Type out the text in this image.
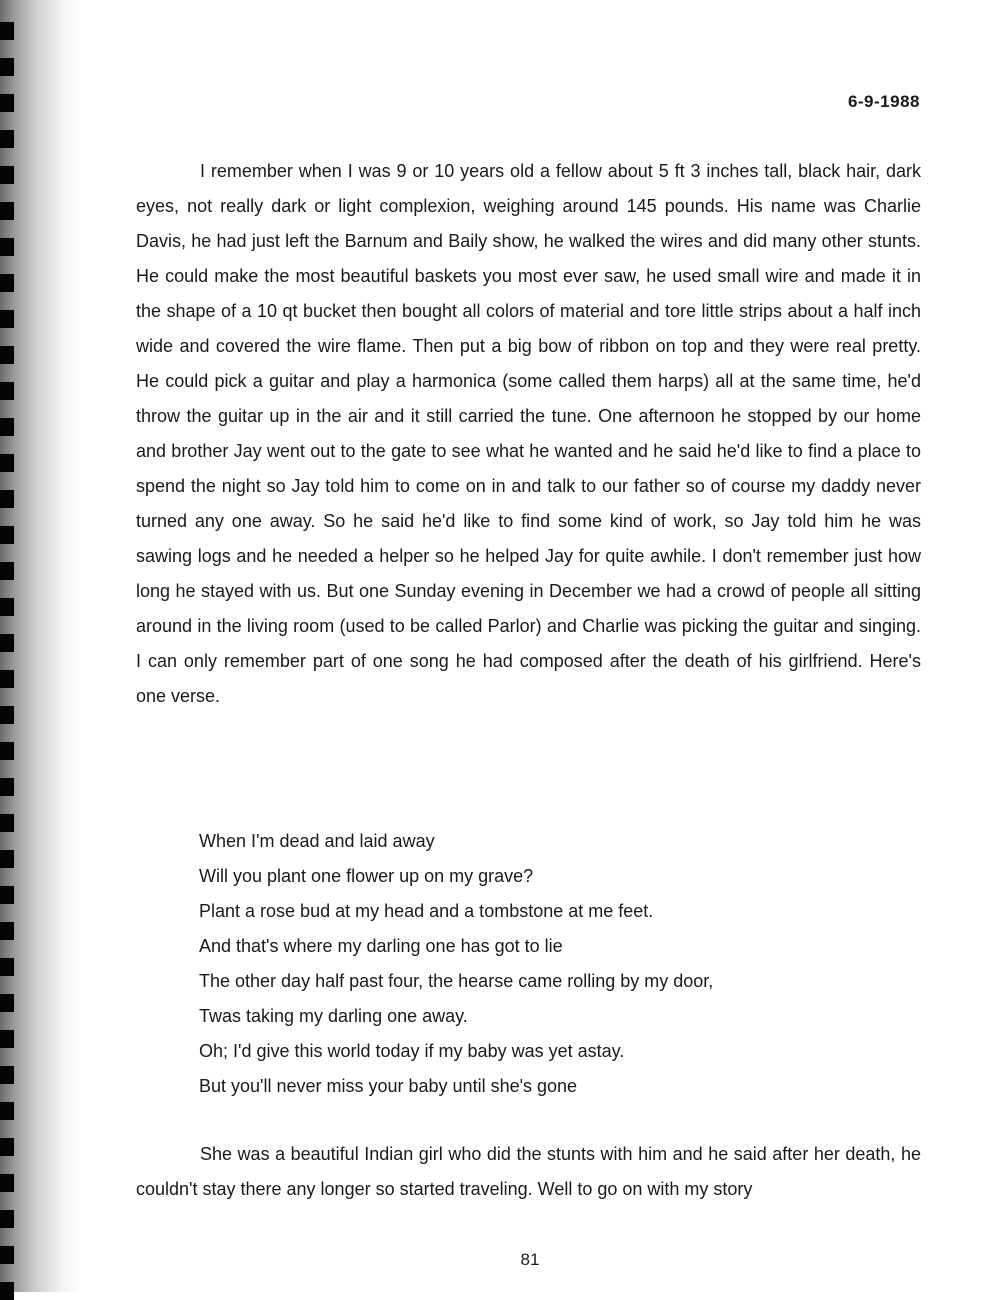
6-9-1988

I remember when I was 9 or 10 years old a fellow about 5 ft 3 inches tall, black hair, dark eyes, not really dark or light complexion, weighing around 145 pounds. His name was Charlie Davis, he had just left the Barnum and Baily show, he walked the wires and did many other stunts. He could make the most beautiful baskets you most ever saw, he used small wire and made it in the shape of a 10 qt bucket then bought all colors of material and tore little strips about a half inch wide and covered the wire flame. Then put a big bow of ribbon on top and they were real pretty. He could pick a guitar and play a harmonica (some called them harps) all at the same time, he'd throw the guitar up in the air and it still carried the tune. One afternoon he stopped by our home and brother Jay went out to the gate to see what he wanted and he said he'd like to find a place to spend the night so Jay told him to come on in and talk to our father so of course my daddy never turned any one away. So he said he'd like to find some kind of work, so Jay told him he was sawing logs and he needed a helper so he helped Jay for quite awhile. I don't remember just how long he stayed with us. But one Sunday evening in December we had a crowd of people all sitting around in the living room (used to be called Parlor) and Charlie was picking the guitar and singing. I can only remember part of one song he had composed after the death of his girlfriend. Here's one verse.

When I'm dead and laid away
Will you plant one flower up on my grave?
Plant a rose bud at my head and a tombstone at me feet.
And that's where my darling one has got to lie
The other day half past four, the hearse came rolling by my door,
Twas taking my darling one away.
Oh; I'd give this world today if my baby was yet astay.
But you'll never miss your baby until she's gone

She was a beautiful Indian girl who did the stunts with him and he said after her death, he couldn't stay there any longer so started traveling. Well to go on with my story

81
